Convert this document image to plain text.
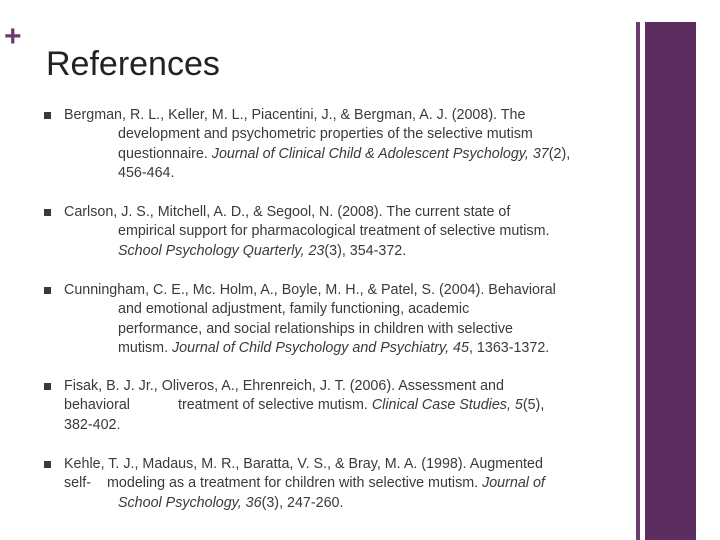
+
References
Bergman, R. L., Keller, M. L., Piacentini, J., & Bergman, A. J. (2008). The
development and psychometric properties of the selective mutism
questionnaire. Journal of Clinical Child & Adolescent Psychology, 37(2),
456-464.
Carlson, J. S., Mitchell, A. D., & Segool, N. (2008). The current state of
empirical support for pharmacological treatment of selective mutism.
School Psychology Quarterly, 23(3), 354-372.
Cunningham, C. E., Mc. Holm, A., Boyle, M. H., & Patel, S. (2004). Behavioral
and emotional adjustment, family functioning, academic
performance, and social relationships in children with selective
mutism. Journal of Child Psychology and Psychiatry, 45, 1363-1372.
Fisak, B. J. Jr., Oliveros, A., Ehrenreich, J. T. (2006). Assessment and
behavioral	treatment of selective mutism. Clinical Case Studies, 5(5),
382-402.
Kehle, T. J., Madaus, M. R., Baratta, V. S., & Bray, M. A. (1998). Augmented
self- modeling as a treatment for children with selective mutism. Journal of
School Psychology, 36(3), 247-260.
